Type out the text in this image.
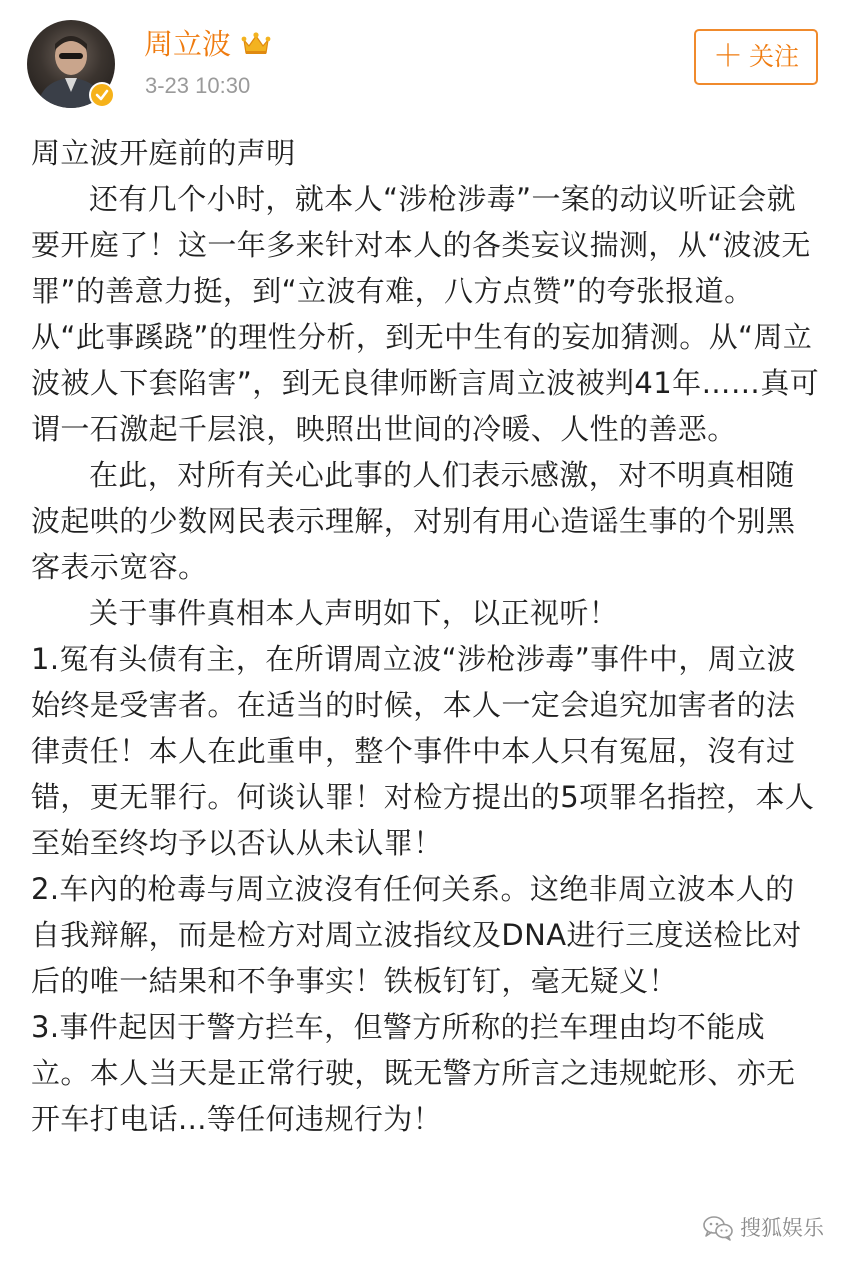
周立波
3-23 10:30
＋ 关注

周立波开庭前的声明

还有几个小时，就本人“涉枪涉毒”一案的动议听证会就要开庭了！这一年多来针对本人的各类妄议揣测，从“波波无罪”的善意力挺，到“立波有难，八方点赞”的夸张报道。从“此事蹊跷”的理性分析，到无中生有的妄加猜测。从“周立波被人下套陷害”，到无良律师断言周立波被判41年……真可谓一石激起千层浪，映照出世间的冷暖、人性的善恶。

在此，对所有关心此事的人们表示感激，对不明真相随波起哄的少数网民表示理解，对别有用心造谣生事的个别黑客表示宽容。

关于事件真相本人声明如下，以正视听！

1.冤有头债有主，在所谓周立波“涉枪涉毒”事件中，周立波始终是受害者。在适当的时候，本人一定会追究加害者的法律责任！本人在此重申，整个事件中本人只有冤屈，沒有过错，更无罪行。何谈认罪！对检方提出的5项罪名指控，本人至始至终均予以否认从未认罪！

2.车內的枪毒与周立波沒有任何关系。这绝非周立波本人的自我辩解，而是检方对周立波指纹及DNA进行三度送检比对后的唯一結果和不争事实！铁板钉钉，毫无疑义！

3.事件起因于警方拦车，但警方所称的拦车理由均不能成立。本人当天是正常行驶，既无警方所言之违规蛇形、亦无开车打电话...等任何违规行为！

搜狐娱乐
